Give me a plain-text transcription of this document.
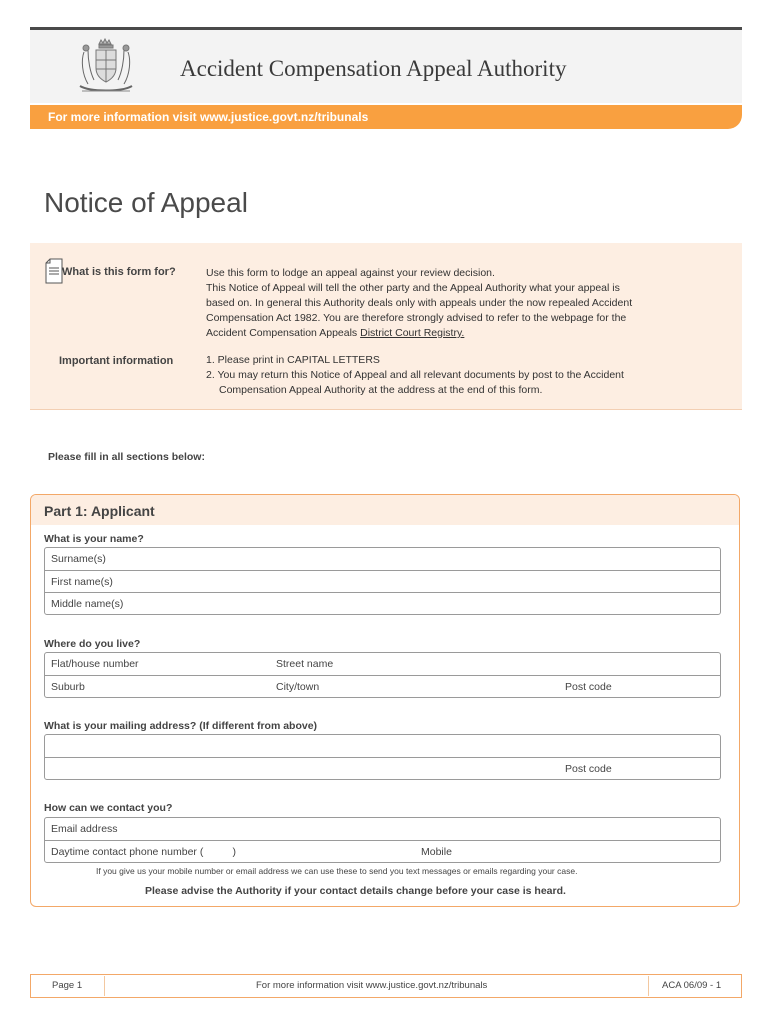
Accident Compensation Appeal Authority
For more information visit www.justice.govt.nz/tribunals
Notice of Appeal
What is this form for?	Use this form to lodge an appeal against your review decision.

This Notice of Appeal will tell the other party and the Appeal Authority what your appeal is

based on. In general this Authority deals only with appeals under the now repealed Accident

Compensation Act 1982. You are therefore strongly advised to refer to the webpage for the

Accident Compensation Appeals District Court Registry.

Important information	1. Please print in CAPITAL LETTERS

2. You may return this Notice of Appeal and all relevant documents by post to the Accident

Compensation Appeal Authority at the address at the end of this form.

Please fill in all sections below:
Part 1: Applicant
What is your name?
Surname(s)
First name(s)
Middle name(s)
Where do you live?
Flat/house number	Street name
Suburb	City/town	Post code
What is your mailing address? (If different from above)
Post code
How can we contact you?
Email address
Daytime contact phone number (          )	Mobile
If you give us your mobile number or email address we can use these to send you text messages or emails regarding your case.
Please advise the Authority if your contact details change before your case is heard.
Page 1	For more information visit www.justice.govt.nz/tribunals	ACA 06/09 - 1
